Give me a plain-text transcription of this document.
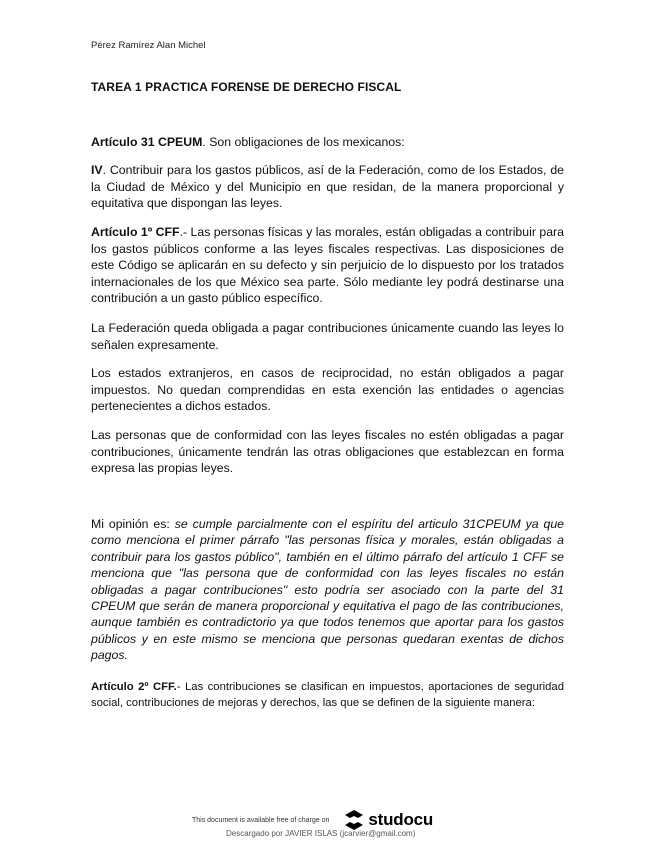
Pérez Ramírez Alan Michel
TAREA 1 PRACTICA FORENSE DE DERECHO FISCAL
Artículo 31 CPEUM. Son obligaciones de los mexicanos:
IV. Contribuir para los gastos públicos, así de la Federación, como de los Estados, de la Ciudad de México y del Municipio en que residan, de la manera proporcional y equitativa que dispongan las leyes.
Artículo 1º CFF.- Las personas físicas y las morales, están obligadas a contribuir para los gastos públicos conforme a las leyes fiscales respectivas. Las disposiciones de este Código se aplicarán en su defecto y sin perjuicio de lo dispuesto por los tratados internacionales de los que México sea parte. Sólo mediante ley podrá destinarse una contribución a un gasto público específico.
La Federación queda obligada a pagar contribuciones únicamente cuando las leyes lo señalen expresamente.
Los estados extranjeros, en casos de reciprocidad, no están obligados a pagar impuestos. No quedan comprendidas en esta exención las entidades o agencias pertenecientes a dichos estados.
Las personas que de conformidad con las leyes fiscales no estén obligadas a pagar contribuciones, únicamente tendrán las otras obligaciones que establezcan en forma expresa las propias leyes.
Mi opinión es: se cumple parcialmente con el espíritu del articulo 31CPEUM ya que como menciona el primer párrafo "las personas física y morales, están obligadas a contribuir para los gastos público", también en el último párrafo del artículo 1 CFF se menciona que "las persona que de conformidad con las leyes fiscales no están obligadas a pagar contribuciones" esto podría ser asociado con la parte del 31 CPEUM que serán de manera proporcional y equitativa el pago de las contribuciones, aunque también es contradictorio ya que todos tenemos que aportar para los gastos públicos y en este mismo se menciona que personas quedaran exentas de dichos pagos.
Artículo 2º CFF.- Las contribuciones se clasifican en impuestos, aportaciones de seguridad social, contribuciones de mejoras y derechos, las que se definen de la siguiente manera:
This document is available free of charge on studocu
Descargado por JAVIER ISLAS (jcarvier@gmail.com)
